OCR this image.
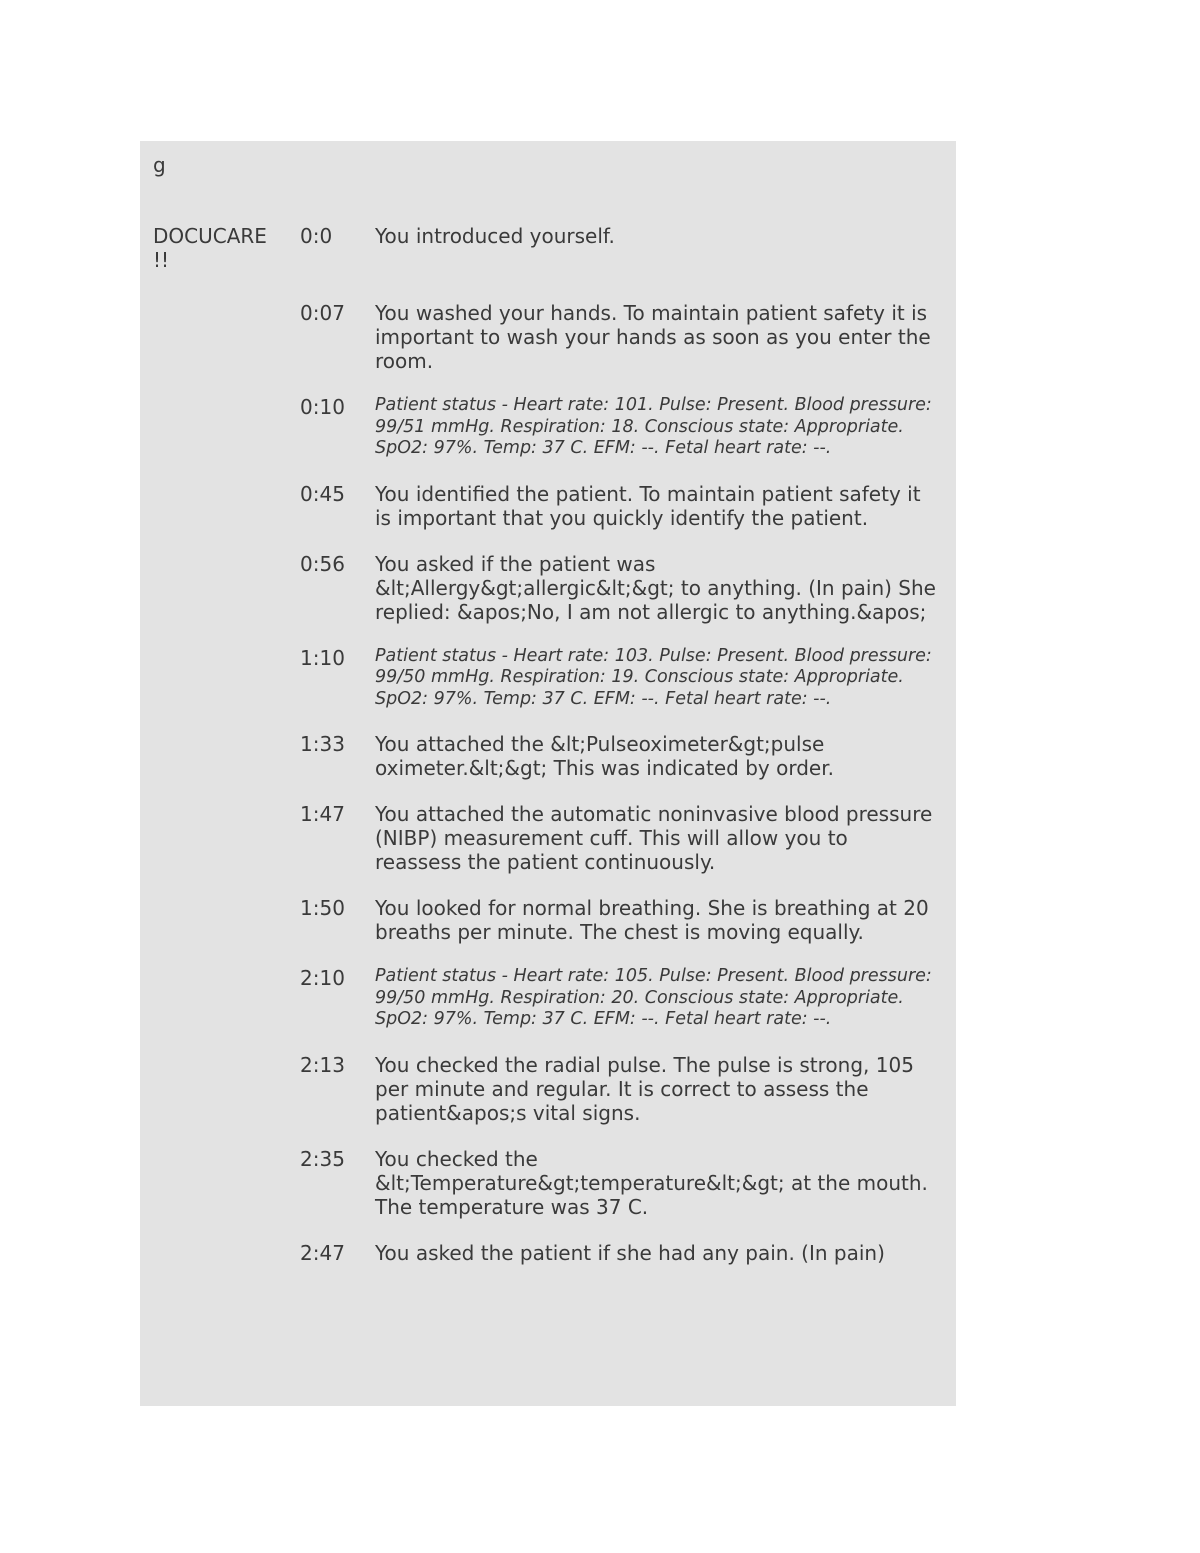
g
DOCUCARE !!
0:0 You introduced yourself.
0:07 You washed your hands. To maintain patient safety it is important to wash your hands as soon as you enter the room.
0:10 Patient status - Heart rate: 101. Pulse: Present. Blood pressure: 99/51 mmHg. Respiration: 18. Conscious state: Appropriate. SpO2: 97%. Temp: 37 C. EFM: --. Fetal heart rate: --.
0:45 You identified the patient. To maintain patient safety it is important that you quickly identify the patient.
0:56 You asked if the patient was &lt;Allergy&gt;allergic&lt;&gt; to anything. (In pain) She replied: &apos;No, I am not allergic to anything.&apos;
1:10 Patient status - Heart rate: 103. Pulse: Present. Blood pressure: 99/50 mmHg. Respiration: 19. Conscious state: Appropriate. SpO2: 97%. Temp: 37 C. EFM: --. Fetal heart rate: --.
1:33 You attached the &lt;Pulseoximeter&gt;pulse oximeter.&lt;&gt; This was indicated by order.
1:47 You attached the automatic noninvasive blood pressure (NIBP) measurement cuff. This will allow you to reassess the patient continuously.
1:50 You looked for normal breathing. She is breathing at 20 breaths per minute. The chest is moving equally.
2:10 Patient status - Heart rate: 105. Pulse: Present. Blood pressure: 99/50 mmHg. Respiration: 20. Conscious state: Appropriate. SpO2: 97%. Temp: 37 C. EFM: --. Fetal heart rate: --.
2:13 You checked the radial pulse. The pulse is strong, 105 per minute and regular. It is correct to assess the patient&apos;s vital signs.
2:35 You checked the &lt;Temperature&gt;temperature&lt;&gt; at the mouth. The temperature was 37 C.
2:47 You asked the patient if she had any pain. (In pain)
